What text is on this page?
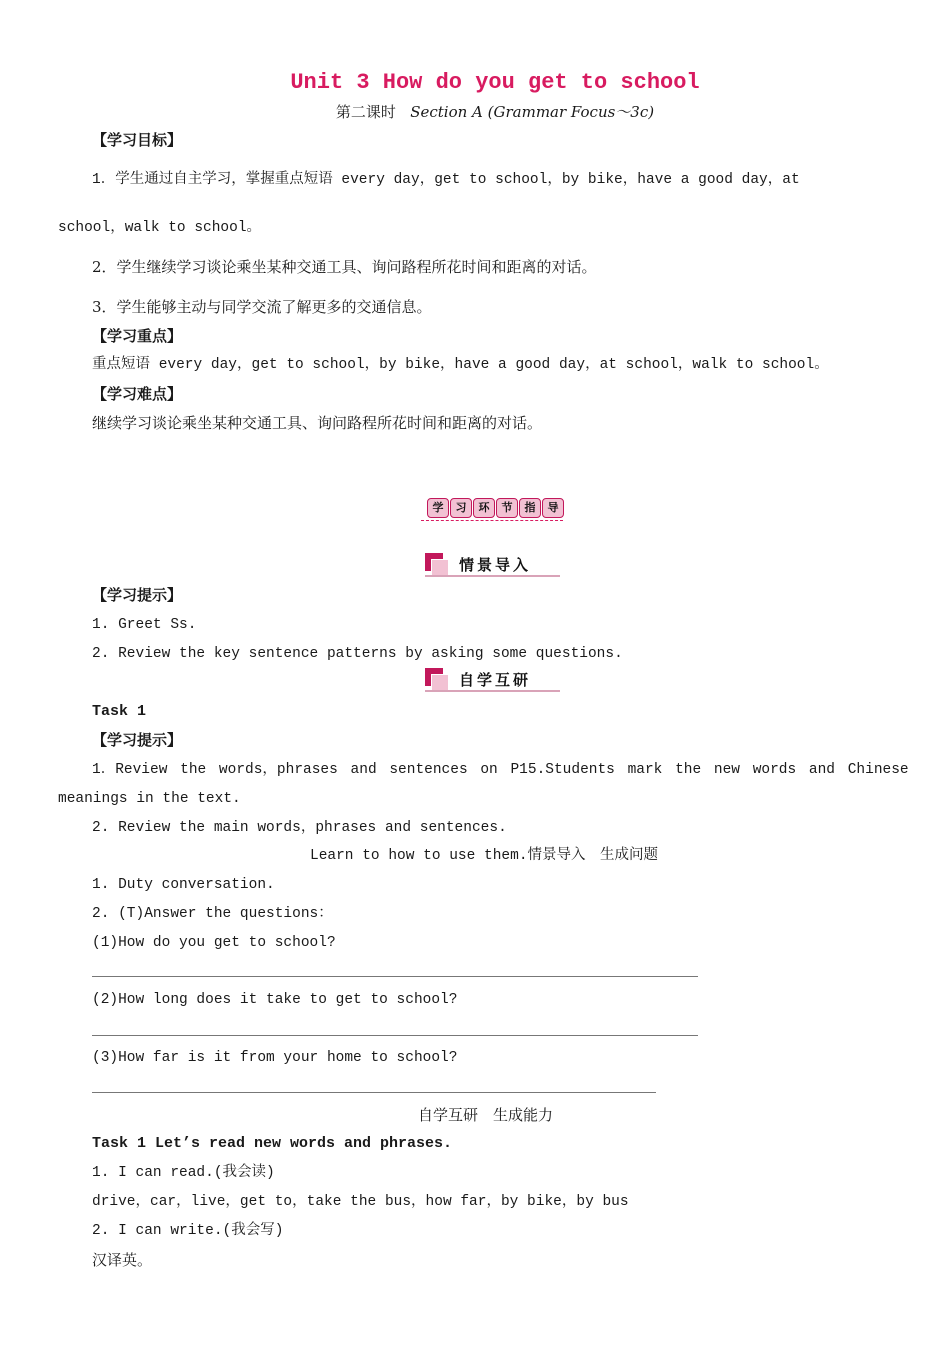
Unit 3 How do you get to school
第二课时 Section A (Grammar Focus～3c)
【学习目标】
1．学生通过自主学习，掌握重点短语 every day，get to school，by bike，have a good day，at
school，walk to school。
2．学生继续学习谈论乘坐某种交通工具、询问路程所花时间和距离的对话。
3．学生能够主动与同学交流了解更多的交通信息。
【学习重点】
重点短语 every day，get to school，by bike，have a good day，at school，walk to school。
【学习难点】
继续学习谈论乘坐某种交通工具、询问路程所花时间和距离的对话。
学	习	环	节	指	导
情景导入
【学习提示】
1. Greet Ss.
2. Review the key sentence patterns by asking some questions.
自学互研
Task 1
【学习提示】
1．Review the words，phrases and sentences on P15.Students mark the new words and Chinese
meanings in the text.
2. Review the main words，phrases and sentences.
Learn to how to use them.情景导入　生成问题
1. Duty conversation.
2. (T)Answer the questions：
(1)How do you get to school?
(2)How long does it take to get to school?
(3)How far is it from your home to school?
自学互研　生成能力
Task 1 Let’s read new words and phrases.
1. I can read.(我会读)
drive，car，live，get to，take the bus，how far，by bike，by bus
2. I can write.(我会写)
汉译英。
